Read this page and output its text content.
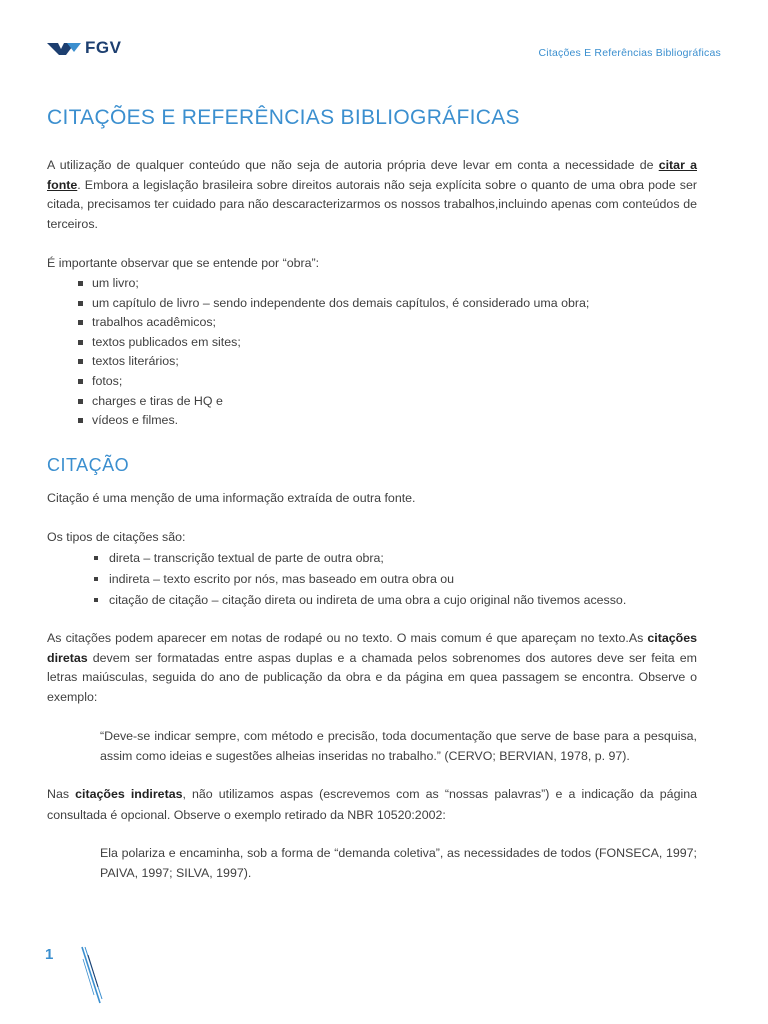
FGV	Citações E Referências Bibliográficas
CITAÇÕES E REFERÊNCIAS BIBLIOGRÁFICAS

A utilização de qualquer conteúdo que não seja de autoria própria deve levar em conta a necessidade de citar a fonte. Embora a legislação brasileira sobre direitos autorais não seja explícita sobre o quanto de uma obra pode ser citada, precisamos ter cuidado para não descaracterizarmos os nossos trabalhos,incluindo apenas com conteúdos de terceiros.

É importante observar que se entende por “obra”:

um livro;
um capítulo de livro – sendo independente dos demais capítulos, é considerado uma obra;
trabalhos acadêmicos;
textos publicados em sites;
textos literários;
fotos;
charges e tiras de HQ e
vídeos e filmes.
CITAÇÃO

Citação é uma menção de uma informação extraída de outra fonte.

Os tipos de citações são:

direta – transcrição textual de parte de outra obra;
indireta – texto escrito por nós, mas baseado em outra obra ou
citação de citação – citação direta ou indireta de uma obra a cujo original não tivemos acesso.

As citações podem aparecer em notas de rodapé ou no texto. O mais comum é que apareçam no texto.As citações diretas devem ser formatadas entre aspas duplas e a chamada pelos sobrenomes dos autores deve ser feita em letras maiúsculas, seguida do ano de publicação da obra e da página em quea passagem se encontra. Observe o exemplo:

“Deve-se indicar sempre, com método e precisão, toda documentação que serve de base para a pesquisa, assim como ideias e sugestões alheias inseridas no trabalho.” (CERVO; BERVIAN, 1978, p. 97).

Nas citações indiretas, não utilizamos aspas (escrevemos com as “nossas palavras”) e a indicação da página consultada é opcional. Observe o exemplo retirado da NBR 10520:2002:

Ela polariza e encaminha, sob a forma de “demanda coletiva”, as necessidades de todos (FONSECA, 1997; PAIVA, 1997; SILVA, 1997).

1
